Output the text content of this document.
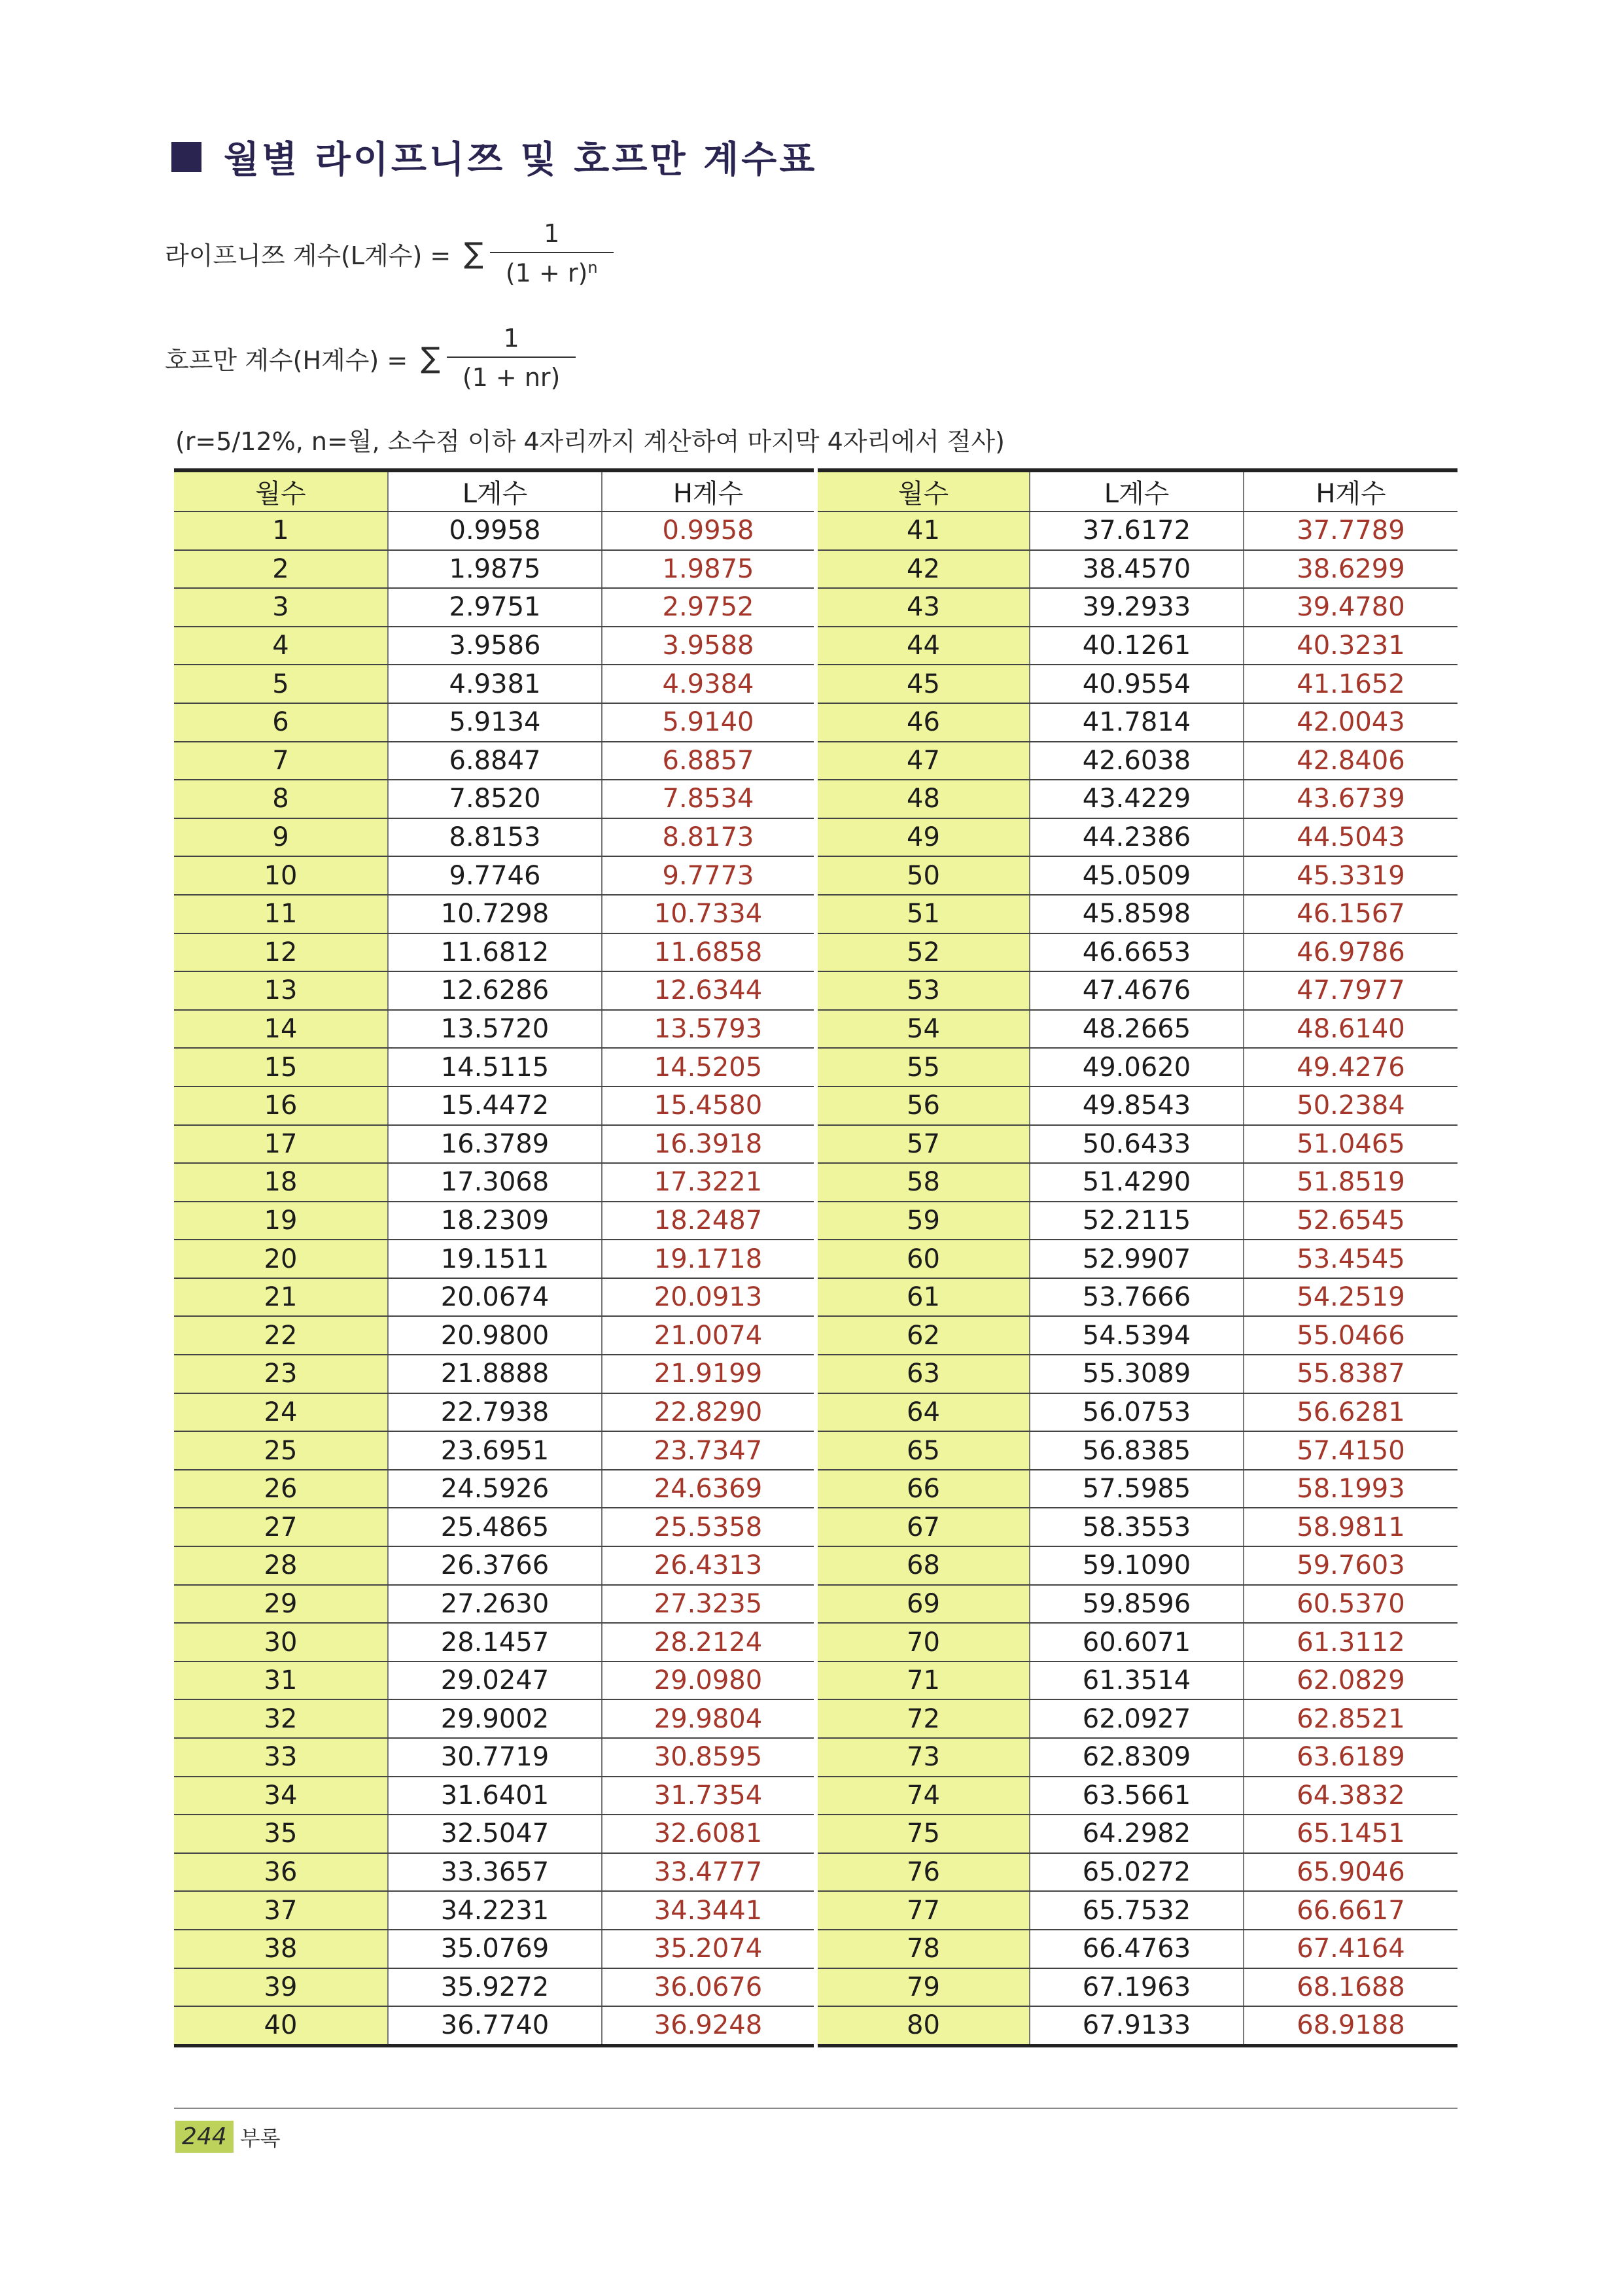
월별 라이프니쯔 및 호프만 계수표
라이프니쯔 계수(L계수) = ∑ $\frac{1}{(1 + r)^n}$
호프만 계수(H계수) = ∑ $\frac{1}{(1 + nr)}$
(r=5/12%, n=월, 소수점 이하 4자리까지 계산하여 마지막 4자리에서 절사)
월수	L계수	H계수	월수	L계수	H계수
1	0.9958	0.9958	41	37.6172	37.7789
2	1.9875	1.9875	42	38.4570	38.6299
3	2.9751	2.9752	43	39.2933	39.4780
4	3.9586	3.9588	44	40.1261	40.3231
5	4.9381	4.9384	45	40.9554	41.1652
6	5.9134	5.9140	46	41.7814	42.0043
7	6.8847	6.8857	47	42.6038	42.8406
8	7.8520	7.8534	48	43.4229	43.6739
9	8.8153	8.8173	49	44.2386	44.5043
10	9.7746	9.7773	50	45.0509	45.3319
11	10.7298	10.7334	51	45.8598	46.1567
12	11.6812	11.6858	52	46.6653	46.9786
13	12.6286	12.6344	53	47.4676	47.7977
14	13.5720	13.5793	54	48.2665	48.6140
15	14.5115	14.5205	55	49.0620	49.4276
16	15.4472	15.4580	56	49.8543	50.2384
17	16.3789	16.3918	57	50.6433	51.0465
18	17.3068	17.3221	58	51.4290	51.8519
19	18.2309	18.2487	59	52.2115	52.6545
20	19.1511	19.1718	60	52.9907	53.4545
21	20.0674	20.0913	61	53.7666	54.2519
22	20.9800	21.0074	62	54.5394	55.0466
23	21.8888	21.9199	63	55.3089	55.8387
24	22.7938	22.8290	64	56.0753	56.6281
25	23.6951	23.7347	65	56.8385	57.4150
26	24.5926	24.6369	66	57.5985	58.1993
27	25.4865	25.5358	67	58.3553	58.9811
28	26.3766	26.4313	68	59.1090	59.7603
29	27.2630	27.3235	69	59.8596	60.5370
30	28.1457	28.2124	70	60.6071	61.3112
31	29.0247	29.0980	71	61.3514	62.0829
32	29.9002	29.9804	72	62.0927	62.8521
33	30.7719	30.8595	73	62.8309	63.6189
34	31.6401	31.7354	74	63.5661	64.3832
35	32.5047	32.6081	75	64.2982	65.1451
36	33.3657	33.4777	76	65.0272	65.9046
37	34.2231	34.3441	77	65.7532	66.6617
38	35.0769	35.2074	78	66.4763	67.4164
39	35.9272	36.0676	79	67.1963	68.1688
40	36.7740	36.9248	80	67.9133	68.9188
244 부록
